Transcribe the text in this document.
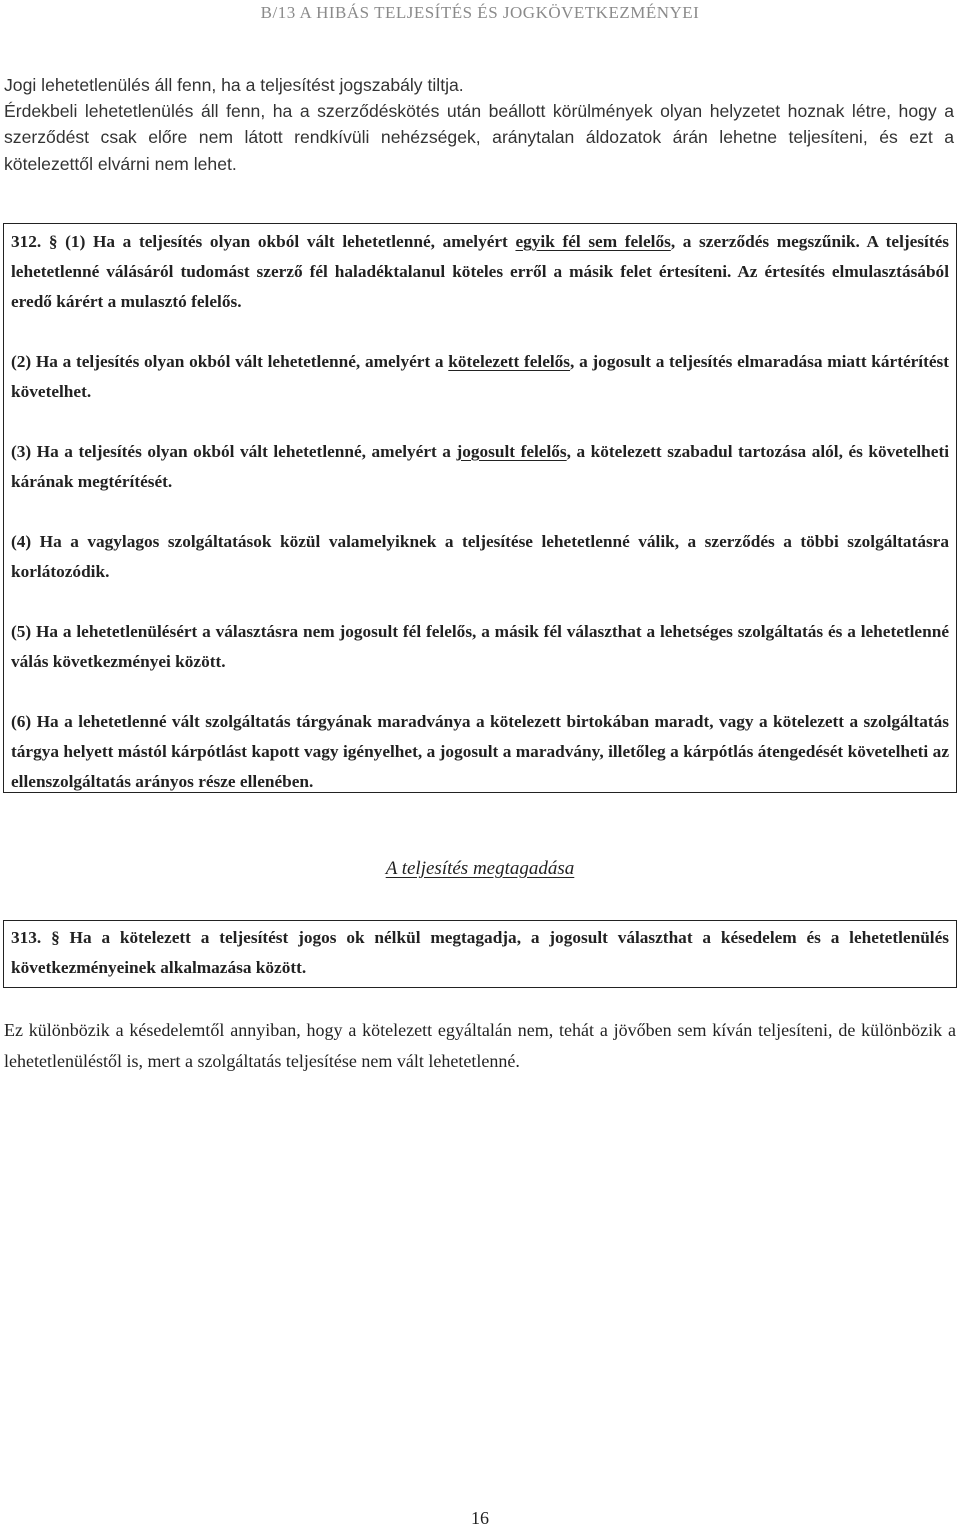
B/13 A HIBÁS TELJESÍTÉS ÉS JOGKÖVETKEZMÉNYEI

Jogi lehetetlenülés áll fenn, ha a teljesítést jogszabály tiltja.

Érdekbeli lehetetlenülés áll fenn, ha a szerződéskötés után beállott körülmények olyan helyzetet hoznak létre, hogy a szerződést csak előre nem látott rendkívüli nehézségek, aránytalan áldozatok árán lehetne teljesíteni, és ezt a kötelezettől elvárni nem lehet.

312. § (1) Ha a teljesítés olyan okból vált lehetetlenné, amelyért egyik fél sem felelős, a szerződés megszűnik. A teljesítés lehetetlenné válásáról tudomást szerző fél haladéktalanul köteles erről a másik felet értesíteni. Az értesítés elmulasztásából eredő kárért a mulasztó felelős.

(2) Ha a teljesítés olyan okból vált lehetetlenné, amelyért a kötelezett felelős, a jogosult a teljesítés elmaradása miatt kártérítést követelhet.

(3) Ha a teljesítés olyan okból vált lehetetlenné, amelyért a jogosult felelős, a kötelezett szabadul tartozása alól, és követelheti kárának megtérítését.

(4) Ha a vagylagos szolgáltatások közül valamelyiknek a teljesítése lehetetlenné válik, a szerződés a többi szolgáltatásra korlátozódik.

(5) Ha a lehetetlenülésért a választásra nem jogosult fél felelős, a másik fél választhat a lehetséges szolgáltatás és a lehetetlenné válás következményei között.

(6) Ha a lehetetlenné vált szolgáltatás tárgyának maradványa a kötelezett birtokában maradt, vagy a kötelezett a szolgáltatás tárgya helyett mástól kárpótlást kapott vagy igényelhet, a jogosult a maradvány, illetőleg a kárpótlás átengedését követelheti az ellenszolgáltatás arányos része ellenében.

A teljesítés megtagadása

313. § Ha a kötelezett a teljesítést jogos ok nélkül megtagadja, a jogosult választhat a késedelem és a lehetetlenülés következményeinek alkalmazása között.

Ez különbözik a késedelemtől annyiban, hogy a kötelezett egyáltalán nem, tehát a jövőben sem kíván teljesíteni, de különbözik a lehetetlenüléstől is, mert a szolgáltatás teljesítése nem vált lehetetlenné.

16
